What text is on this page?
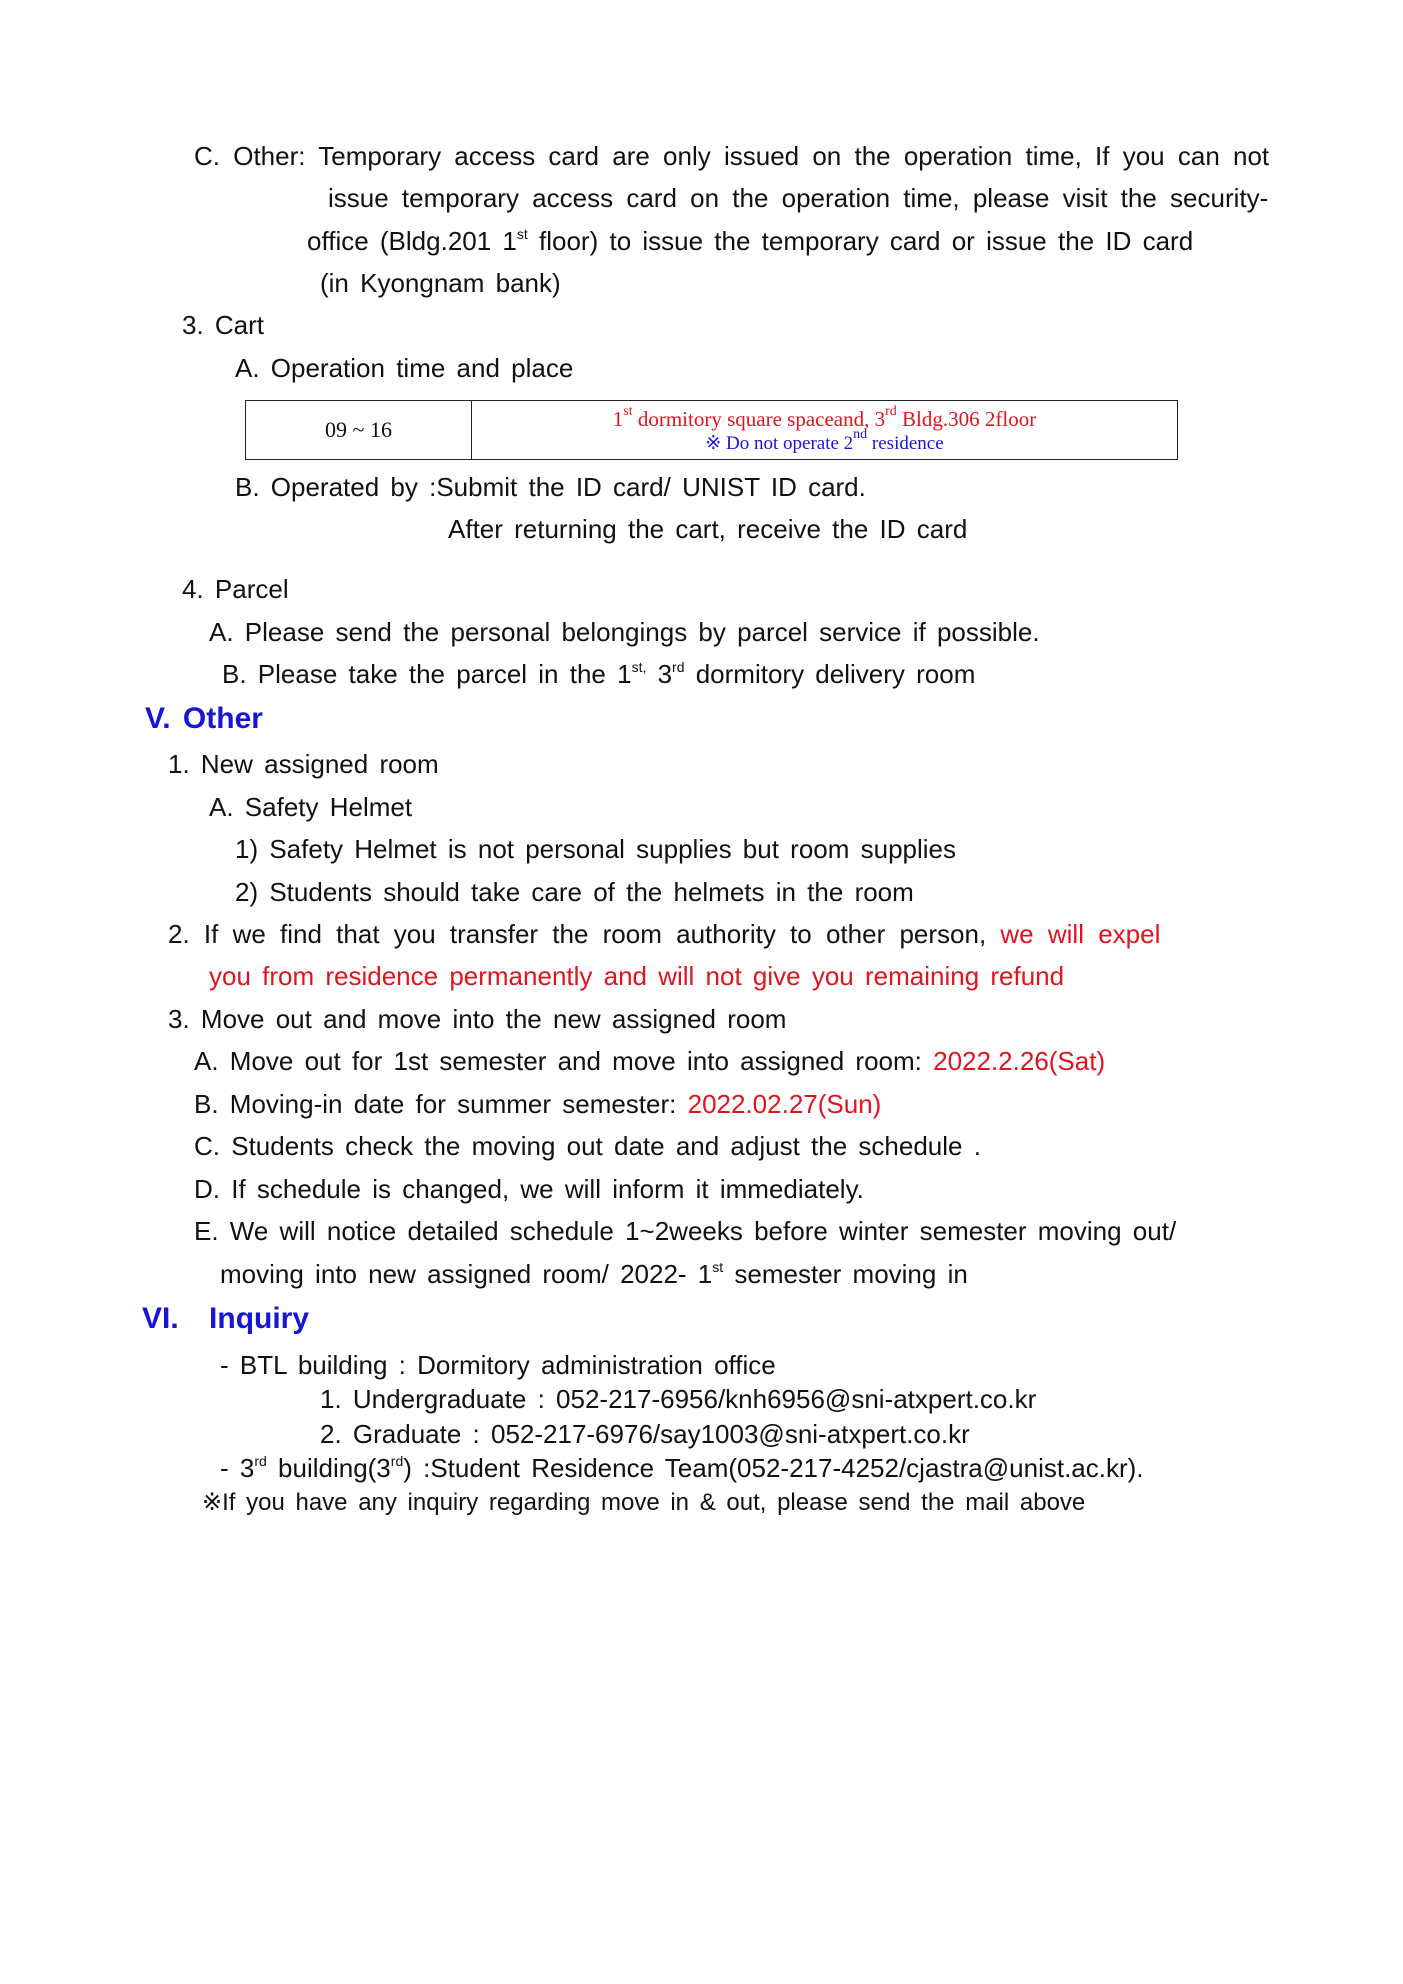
C. Other: Temporary access card are only issued on the operation time, If you can not
issue temporary access card on the operation time, please visit the security-
office (Bldg.201 1st floor) to issue the temporary card or issue the ID card
(in Kyongnam bank)
3. Cart
A. Operation time and place
09 ~ 16	1st dormitory square spaceand, 3rd Bldg.306 2floor
※ Do not operate 2nd residence
B. Operated by :Submit the ID card/ UNIST ID card.
After returning the cart, receive the ID card
4. Parcel
A. Please send the personal belongings by parcel service if possible.
B. Please take the parcel in the $1^{st,}$ 3rd dormitory delivery room
V. Other
1. New assigned room
A. Safety Helmet
1) Safety Helmet is not personal supplies but room supplies
2) Students should take care of the helmets in the room
2. If we find that you transfer the room authority to other person, we will expel
you from residence permanently and will not give you remaining refund
3. Move out and move into the new assigned room
A. Move out for 1st semester and move into assigned room: 2022.2.26(Sat)
B. Moving-in date for summer semester: 2022.02.27(Sun)
C. Students check the moving out date and adjust the schedule .
D. If schedule is changed, we will inform it immediately.
E. We will notice detailed schedule 1~2weeks before winter semester moving out/
moving into new assigned room/ 2022- 1st semester moving in
VI. Inquiry
- BTL building : Dormitory administration office
1. Undergraduate : 052-217-6956/knh6956@sni-atxpert.co.kr
2. Graduate : 052-217-6976/say1003@sni-atxpert.co.kr
- 3rd building(3rd) :Student Residence Team(052-217-4252/cjastra@unist.ac.kr).
※If you have any inquiry regarding move in & out, please send the mail above
